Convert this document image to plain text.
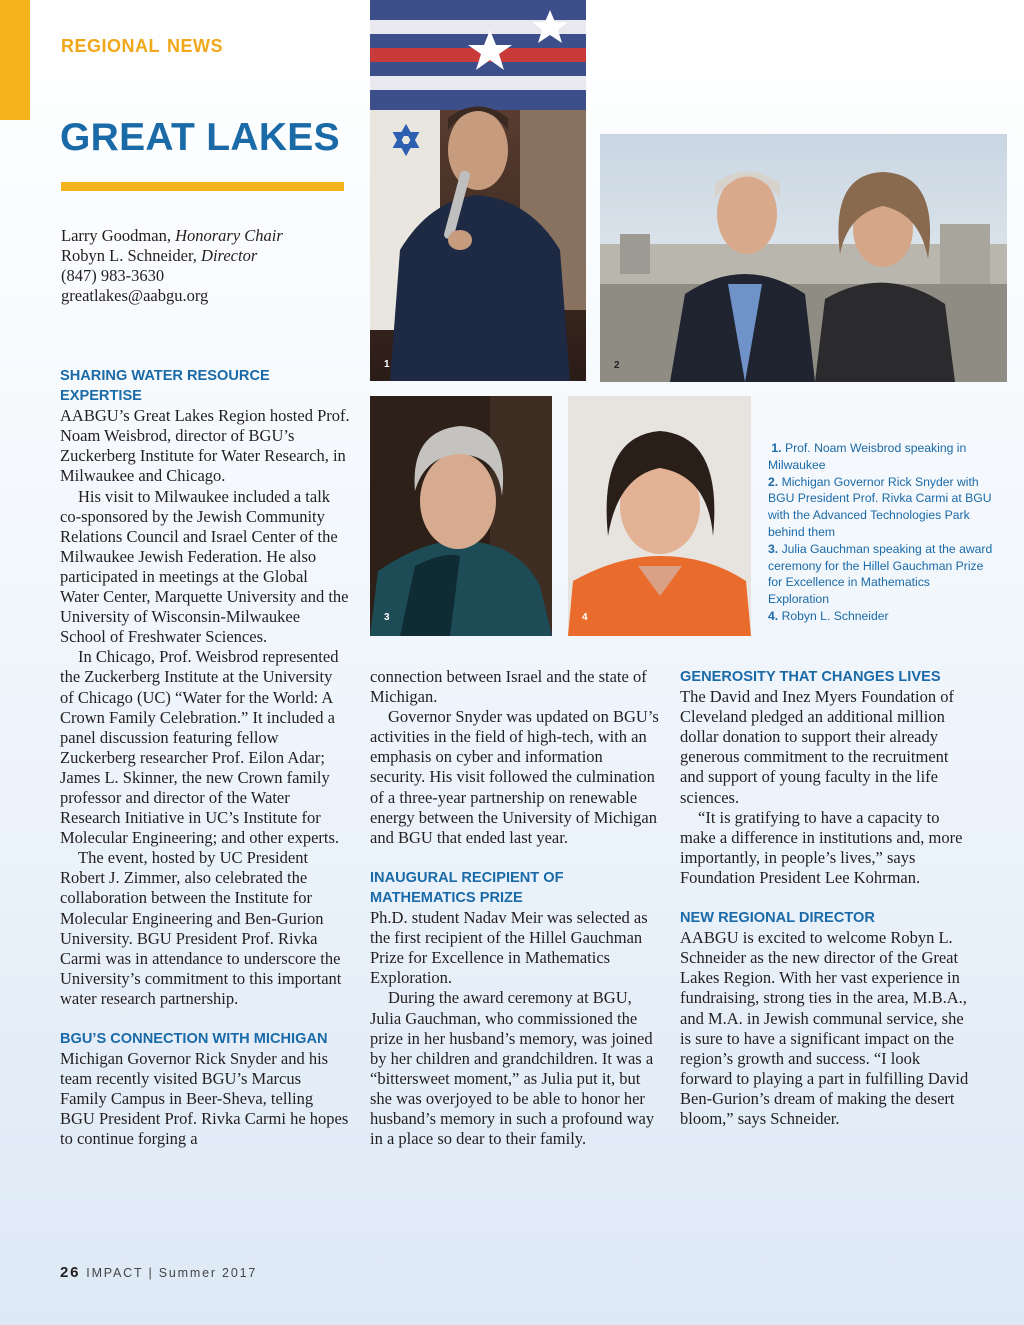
REGIONAL NEWS
GREAT LAKES
Larry Goodman, Honorary Chair
Robyn L. Schneider, Director
(847) 983-3630
greatlakes@aabgu.org
1	2
3	4

1. Prof. Noam Weisbrod speaking in Milwaukee

2. Michigan Governor Rick Snyder with BGU President Prof. Rivka Carmi at BGU with the Advanced Technologies Park behind them

3. Julia Gauchman speaking at the award ceremony for the Hillel Gauchman Prize for Excellence in Mathematics Exploration

4. Robyn L. Schneider

SHARING WATER RESOURCE EXPERTISE

AABGU’s Great Lakes Region hosted Prof. Noam Weisbrod, director of BGU’s Zuckerberg Institute for Water Research, in Milwaukee and Chicago.

His visit to Milwaukee included a talk co-sponsored by the Jewish Community Relations Council and Israel Center of the Milwaukee Jewish Federation. He also participated in meetings at the Global Water Center, Marquette University and the University of Wisconsin-Milwaukee School of Freshwater Sciences.

In Chicago, Prof. Weisbrod represented the Zuckerberg Institute at the University of Chicago (UC) “Water for the World: A Crown Family Celebration.” It included a panel discussion featuring fellow Zuckerberg researcher Prof. Eilon Adar; James L. Skinner, the new Crown family professor and director of the Water Research Initiative in UC’s Institute for Molecular Engineering; and other experts.

The event, hosted by UC President Robert J. Zimmer, also celebrated the collaboration between the Institute for Molecular Engineering and Ben-Gurion University. BGU President Prof. Rivka Carmi was in attendance to underscore the University’s commitment to this important water research partnership.

BGU’S CONNECTION WITH MICHIGAN

Michigan Governor Rick Snyder and his team recently visited BGU’s Marcus Family Campus in Beer-Sheva, telling BGU President Prof. Rivka Carmi he hopes to continue forging a

connection between Israel and the state of Michigan.

Governor Snyder was updated on BGU’s activities in the field of high-tech, with an emphasis on cyber and information security. His visit followed the culmination of a three-year partnership on renewable energy between the University of Michigan and BGU that ended last year.

INAUGURAL RECIPIENT OF MATHEMATICS PRIZE

Ph.D. student Nadav Meir was selected as the first recipient of the Hillel Gauchman Prize for Excellence in Mathematics Exploration.

During the award ceremony at BGU, Julia Gauchman, who commissioned the prize in her husband’s memory, was joined by her children and grandchildren. It was a “bittersweet moment,” as Julia put it, but she was overjoyed to be able to honor her husband’s memory in such a profound way in a place so dear to their family.

GENEROSITY THAT CHANGES LIVES

The David and Inez Myers Foundation of Cleveland pledged an additional million dollar donation to support their already generous commitment to the recruitment and support of young faculty in the life sciences.

“It is gratifying to have a capacity to make a difference in institutions and, more importantly, in people’s lives,” says Foundation President Lee Kohrman.

NEW REGIONAL DIRECTOR

AABGU is excited to welcome Robyn L. Schneider as the new director of the Great Lakes Region. With her vast experience in fundraising, strong ties in the area, M.B.A., and M.A. in Jewish communal service, she is sure to have a significant impact on the region’s growth and success. “I look forward to playing a part in fulfilling David Ben-Gurion’s dream of making the desert bloom,” says Schneider.

26 IMPACT | Summer 2017
